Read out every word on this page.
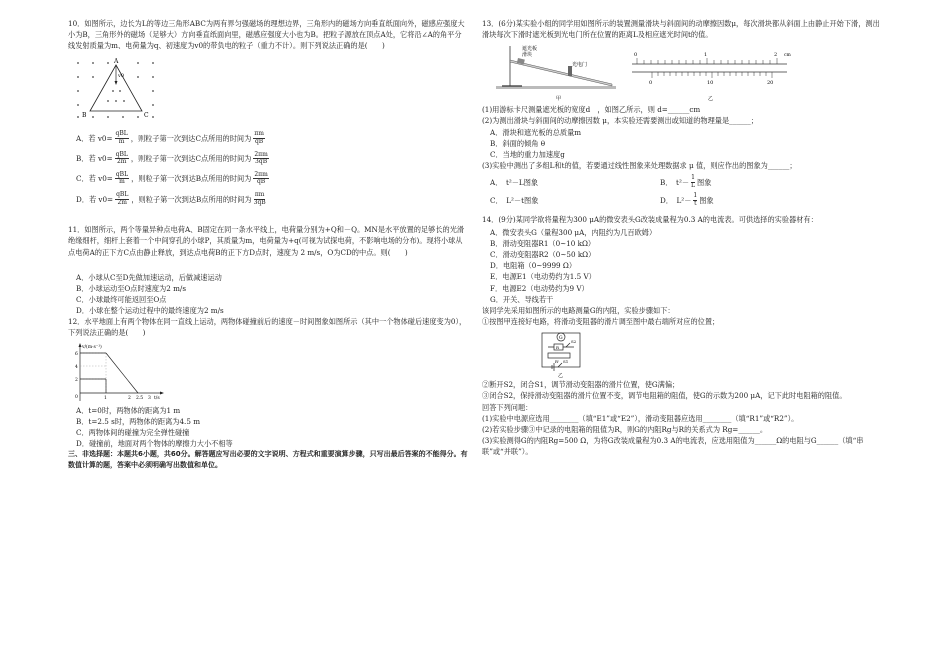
10．如图所示，边长为L的等边三角形ABC为两有界匀强磁场的理想边界，三角形内的磁场方向垂直纸面向外，磁感应强度大小为B，三角形外的磁场（足够大）方向垂直纸面向里，磁感应强度大小也为B。把粒子源放在顶点A处，它将沿∠A的角平分线发射质量为m、电荷量为q、初速度为v0的带负电的粒子（重力不计）。则下列说法正确的是(　　)

A
B	C
v0
A．若 $v0= \frac{\text{qBL}}{m}$ ，则粒子第一次到达C点所用的时间为 $\frac{\pi m}{qB}$
B．若 $v0= \frac{\text{qBL}}{2m}$ ，则粒子第一次到达C点所用的时间为 $\frac{2\pi m}{3qB}$
C．若 $v0= \frac{\text{qBL}}{m}$ ，则粒子第一次到达B点所用的时间为 $\frac{2\pi m}{qB}$
D．若 $v0= \frac{\text{qBL}}{2m}$ ，则粒子第一次到达B点所用的时间为 $\frac{\pi m}{3qB}$

11．如图所示，两个等量异种点电荷A、B固定在同一条水平线上，电荷量分别为+Q和－Q。MN是水平放置的足够长的光滑绝缘细杆，细杆上套着一个中间穿孔的小球P，其质量为m，电荷量为+q(可视为试探电荷，不影响电场的分布)。现将小球从点电荷A的正下方C点由静止释放，到达点电荷B的正下方D点时，速度为 2 m/s，O为CD的中点。则(　　)

A．小球从C至D先做加速运动，后做减速运动

B．小球运动至O点时速度为2 m/s

C．小球最终可能返回至O点

D．小球在整个运动过程中的最终速度为2 m/s

12．水平地面上有两个物体在同一直线上运动，两物体碰撞前后的速度－时间图象如图所示（其中一个物体碰后速度变为0），下列说法正确的是(　　)

v/(m·s⁻¹)
t/s
6
4
2
0	1	2 2.5 3

A．t=0时，两物体的距离为1 m

B．t=2.5 s时，两物体的距离为4.5 m

C．两物体间的碰撞为完全弹性碰撞

D．碰撞前，地面对两个物体的摩擦力大小不相等

三、非选择题：本题共6小题，共60分。解答题应写出必要的文字说明、方程式和重要演算步骤，只写出最后答案的不能得分。有数值计算的题，答案中必须明确写出数值和单位。

13．(6分)某实验小组的同学用如图所示的装置测量滑块与斜面间的动摩擦因数μ，每次滑块都从斜面上由静止开始下滑，测出滑块每次下滑时遮光板到光电门所在位置的距离L及相应遮光时间t的值。

遮光板
滑块
光电门
甲
0	1	2 cm
0	10	20
乙

(1)用游标卡尺测量遮光板的宽度d　，如图乙所示，则 d=______cm

(2)为测出滑块与斜面间的动摩擦因数 μ，本实验还需要测出或知道的物理量是______；

A．滑块和遮光板的总质量m

B．斜面的倾角 θ

C．当地的重力加速度g

(3)实验中测出了多组L和t的值，若要通过线性图象来处理数据求 μ 值，则应作出的图象为______；

A．　t²－L图象	B．　$t^2- \frac{1}{L}$ 图象
C．　L²－t图象	D．　$L^2- \frac{1}{t}$ 图象

14．(9分)某同学欲将量程为300 μA的微安表头G改装成量程为0.3 A的电流表。可供选择的实验器材有：

A．微安表头G（量程300 μA，内阻约为几百欧姆）

B．滑动变阻器R1（0~10 kΩ）

C．滑动变阻器R2（0~50 kΩ）

D．电阻箱（0~9999 Ω）

E．电源E1（电动势约为1.5 V）

F．电源E2（电动势约为9 V）

G．开关、导线若干

该同学先采用如图所示的电路测量G的内阻，实验步骤如下：

①按图甲连接好电路，将滑动变阻器的滑片调至图中最右端所对应的位置；

G
R
S2
R' S1
乙

②断开S2，闭合S1，调节滑动变阻器的滑片位置，使G满偏；

③闭合S2，保持滑动变阻器的滑片位置不变，调节电阻箱的阻值，使G的示数为200 μA，记下此时电阻箱的阻值。

回答下列问题：

(1)实验中电源应选用________（填“E1”或“E2”），滑动变阻器应选用________（填“R1”或“R2”）。

(2)若实验步骤③中记录的电阻箱的阻值为R，则G的内阻Rg与R的关系式为 Rg=______。

(3)实验测得G的内阻Rg=500 Ω，为将G改装成量程为0.3 A的电流表，应选用阻值为______Ω的电阻与G______（填“串联”或“并联”）。
